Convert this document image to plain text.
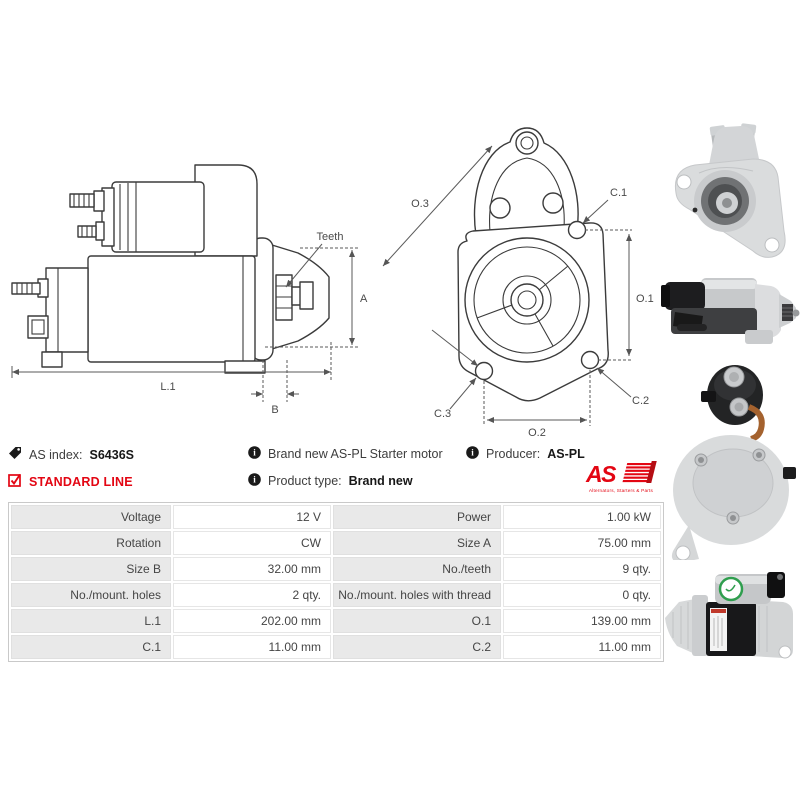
Teeth
A
L.1
B
O.3
C.1
O.1
C.2
C.3
O.2
AS index: S6436S
STANDARD LINE
i Brand new AS-PL Starter motor
i Product type: Brand new
i Producer: AS-PL
AS
Alternators, Starters & Parts
Voltage	12 V	Power	1.00 kW
Rotation	CW	Size A	75.00 mm
Size B	32.00 mm	No./teeth	9 qty.
No./mount. holes	2 qty.	No./mount. holes with thread	0 qty.
L.1	202.00 mm	O.1	139.00 mm
C.1	11.00 mm	C.2	11.00 mm
